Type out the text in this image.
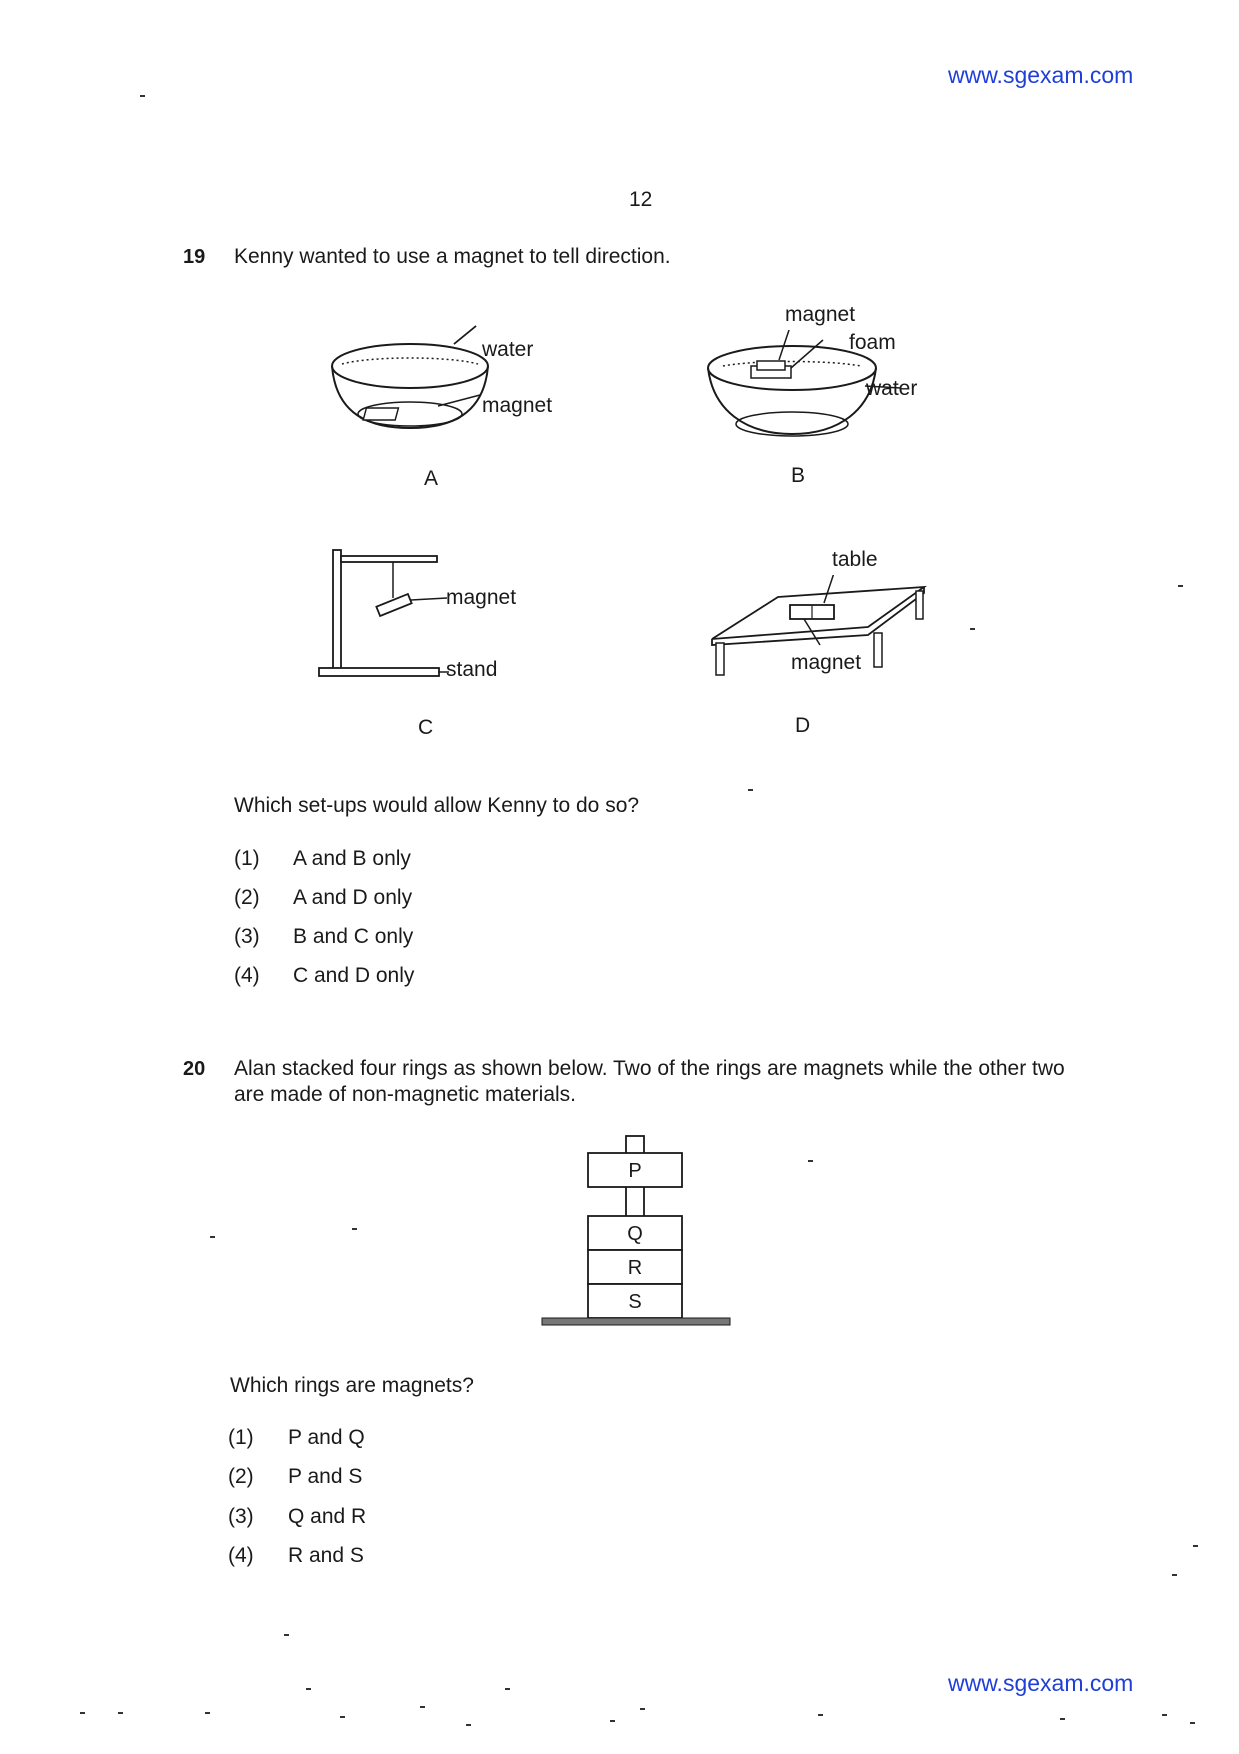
www.sgexam.com
12
19 Kenny wanted to use a magnet to tell direction.
water
magnet
A
magnet
foam
water
B
magnet
stand
C
table
magnet
D
Which set-ups would allow Kenny to do so?
(1) A and B only
(2) A and D only
(3) B and C only
(4) C and D only
20 Alan stacked four rings as shown below. Two of the rings are magnets while the other two
are made of non-magnetic materials.
P
Q
R
S
Which rings are magnets?
(1) P and Q
(2) P and S
(3) Q and R
(4) R and S
www.sgexam.com
